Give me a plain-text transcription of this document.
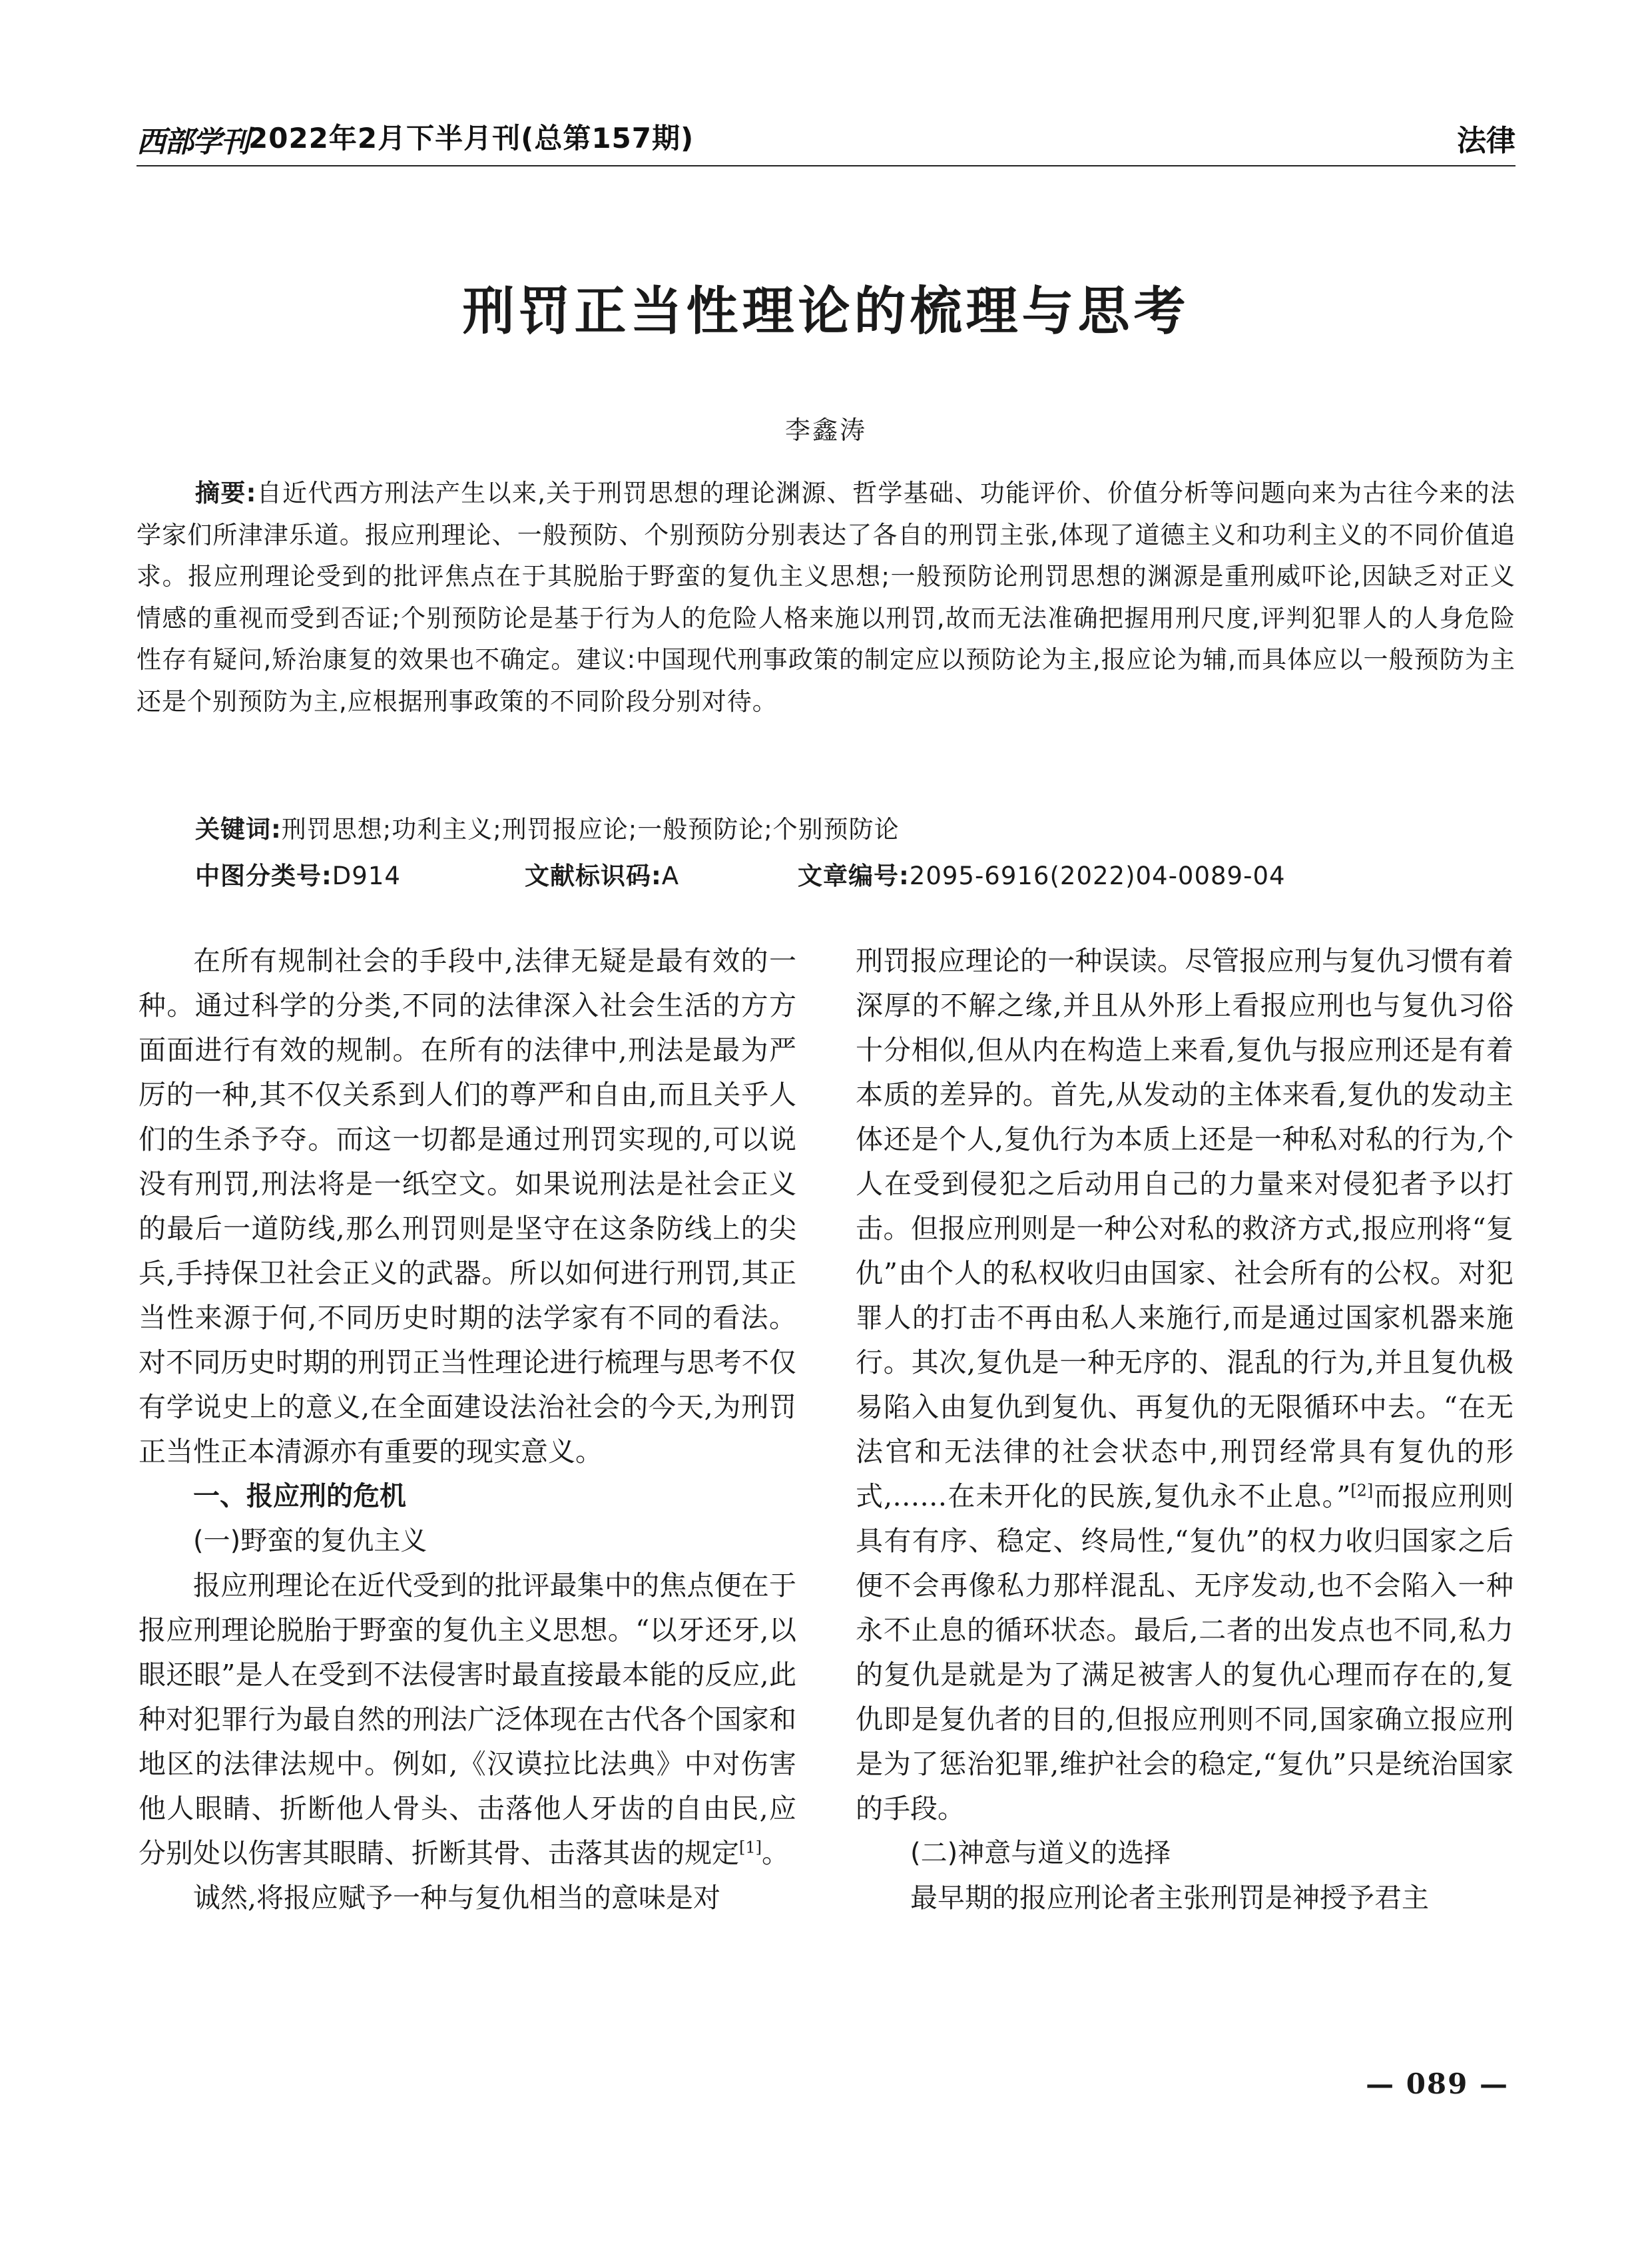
西部学刊 2022年2月下半月刊(总第157期)	法律
刑罚正当性理论的梳理与思考
李鑫涛
摘要:自近代西方刑法产生以来,关于刑罚思想的理论渊源、哲学基础、功能评价、价值分析等问题向来为古往今来的法学家们所津津乐道。报应刑理论、一般预防、个别预防分别表达了各自的刑罚主张,体现了道德主义和功利主义的不同价值追求。报应刑理论受到的批评焦点在于其脱胎于野蛮的复仇主义思想;一般预防论刑罚思想的渊源是重刑威吓论,因缺乏对正义情感的重视而受到否证;个别预防论是基于行为人的危险人格来施以刑罚,故而无法准确把握用刑尺度,评判犯罪人的人身危险性存有疑问,矫治康复的效果也不确定。建议:中国现代刑事政策的制定应以预防论为主,报应论为辅,而具体应以一般预防为主还是个别预防为主,应根据刑事政策的不同阶段分别对待。
关键词:刑罚思想;功利主义;刑罚报应论;一般预防论;个别预防论
中图分类号:D914	文献标识码:A	文章编号:2095-6916(2022)04-0089-04

在所有规制社会的手段中,法律无疑是最有效的一种。通过科学的分类,不同的法律深入社会生活的方方面面进行有效的规制。在所有的法律中,刑法是最为严厉的一种,其不仅关系到人们的尊严和自由,而且关乎人们的生杀予夺。而这一切都是通过刑罚实现的,可以说没有刑罚,刑法将是一纸空文。如果说刑法是社会正义的最后一道防线,那么刑罚则是坚守在这条防线上的尖兵,手持保卫社会正义的武器。所以如何进行刑罚,其正当性来源于何,不同历史时期的法学家有不同的看法。对不同历史时期的刑罚正当性理论进行梳理与思考不仅有学说史上的意义,在全面建设法治社会的今天,为刑罚正当性正本清源亦有重要的现实意义。

一、报应刑的危机
(一)野蛮的复仇主义

报应刑理论在近代受到的批评最集中的焦点便在于报应刑理论脱胎于野蛮的复仇主义思想。“以牙还牙,以眼还眼”是人在受到不法侵害时最直接最本能的反应,此种对犯罪行为最自然的刑法广泛体现在古代各个国家和地区的法律法规中。例如,《汉谟拉比法典》中对伤害他人眼睛、折断他人骨头、击落他人牙齿的自由民,应分别处以伤害其眼睛、折断其骨、击落其齿的规定[1]。

诚然,将报应赋予一种与复仇相当的意味是对

刑罚报应理论的一种误读。尽管报应刑与复仇习惯有着深厚的不解之缘,并且从外形上看报应刑也与复仇习俗十分相似,但从内在构造上来看,复仇与报应刑还是有着本质的差异的。首先,从发动的主体来看,复仇的发动主体还是个人,复仇行为本质上还是一种私对私的行为,个人在受到侵犯之后动用自己的力量来对侵犯者予以打击。但报应刑则是一种公对私的救济方式,报应刑将“复仇”由个人的私权收归由国家、社会所有的公权。对犯罪人的打击不再由私人来施行,而是通过国家机器来施行。其次,复仇是一种无序的、混乱的行为,并且复仇极易陷入由复仇到复仇、再复仇的无限循环中去。“在无法官和无法律的社会状态中,刑罚经常具有复仇的形式,……在未开化的民族,复仇永不止息。”[2]而报应刑则具有有序、稳定、终局性,“复仇”的权力收归国家之后便不会再像私力那样混乱、无序发动,也不会陷入一种永不止息的循环状态。最后,二者的出发点也不同,私力的复仇是就是为了满足被害人的复仇心理而存在的,复仇即是复仇者的目的,但报应刑则不同,国家确立报应刑是为了惩治犯罪,维护社会的稳定,“复仇”只是统治国家的手段。

(二)神意与道义的选择

最早期的报应刑论者主张刑罚是神授予君主

— 089 —
